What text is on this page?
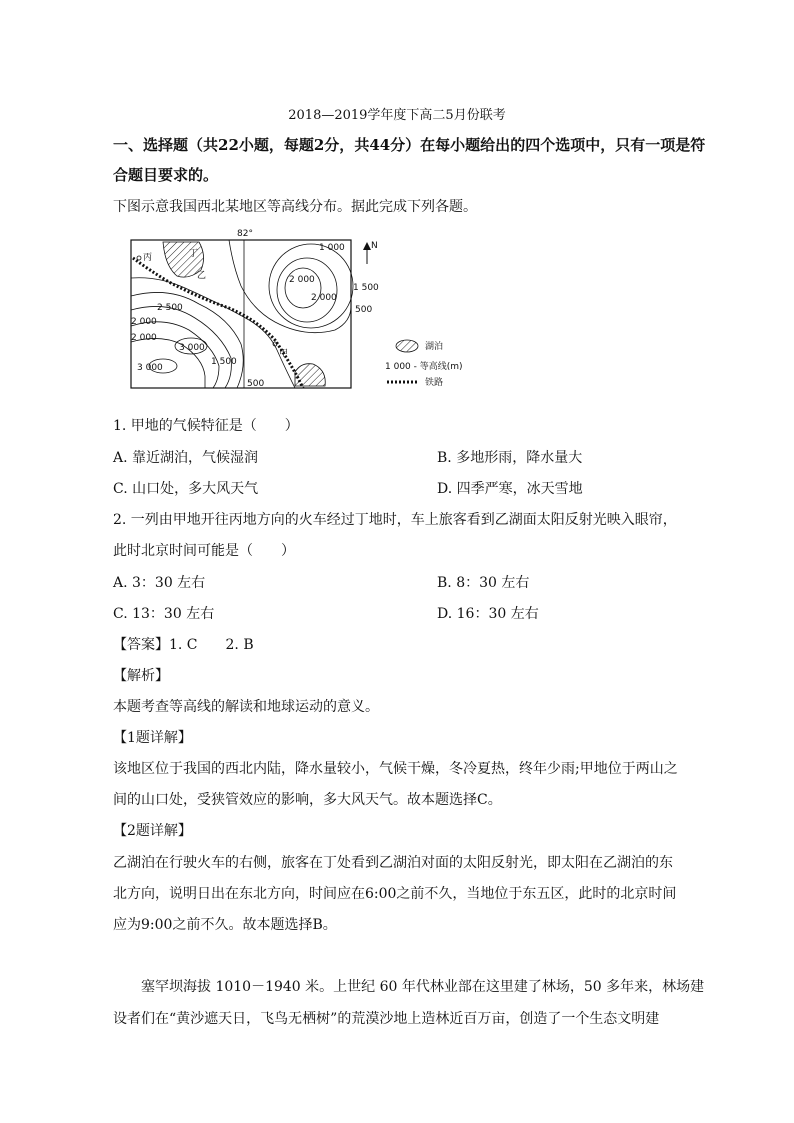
2018—2019学年度下高二5月份联考
一、选择题（共22小题，每题2分，共44分）在每小题给出的四个选项中，只有一项是符
合题目要求的。
下图示意我国西北某地区等高线分布。据此完成下列各题。
82°
1 000
2 000
2 000
1 500
500
2 500
2 000
2 000
3 000
1 500
3 000
500
丙	丁
乙
甲
N
湖泊
1 000 - 等高线(m)
铁路
1. 甲地的气候特征是（　　）
A. 靠近湖泊，气候湿润	B. 多地形雨，降水量大
C. 山口处，多大风天气	D. 四季严寒，冰天雪地
2. 一列由甲地开往丙地方向的火车经过丁地时，车上旅客看到乙湖面太阳反射光映入眼帘，
此时北京时间可能是（　　）
A. 3：30 左右	B. 8：30 左右
C. 13：30 左右	D. 16：30 左右
【答案】1. C　　2. B
【解析】
本题考查等高线的解读和地球运动的意义。
【1题详解】
该地区位于我国的西北内陆，降水量较小，气候干燥，冬冷夏热，终年少雨;甲地位于两山之
间的山口处，受狭管效应的影响，多大风天气。故本题选择C。
【2题详解】
乙湖泊在行驶火车的右侧，旅客在丁处看到乙湖泊对面的太阳反射光，即太阳在乙湖泊的东
北方向，说明日出在东北方向，时间应在6:00之前不久，当地位于东五区，此时的北京时间
应为9:00之前不久。故本题选择B。
塞罕坝海拔 1010－1940 米。上世纪 60 年代林业部在这里建了林场，50 多年来，林场建
设者们在“黄沙遮天日，飞鸟无栖树”的荒漠沙地上造林近百万亩，创造了一个生态文明建
